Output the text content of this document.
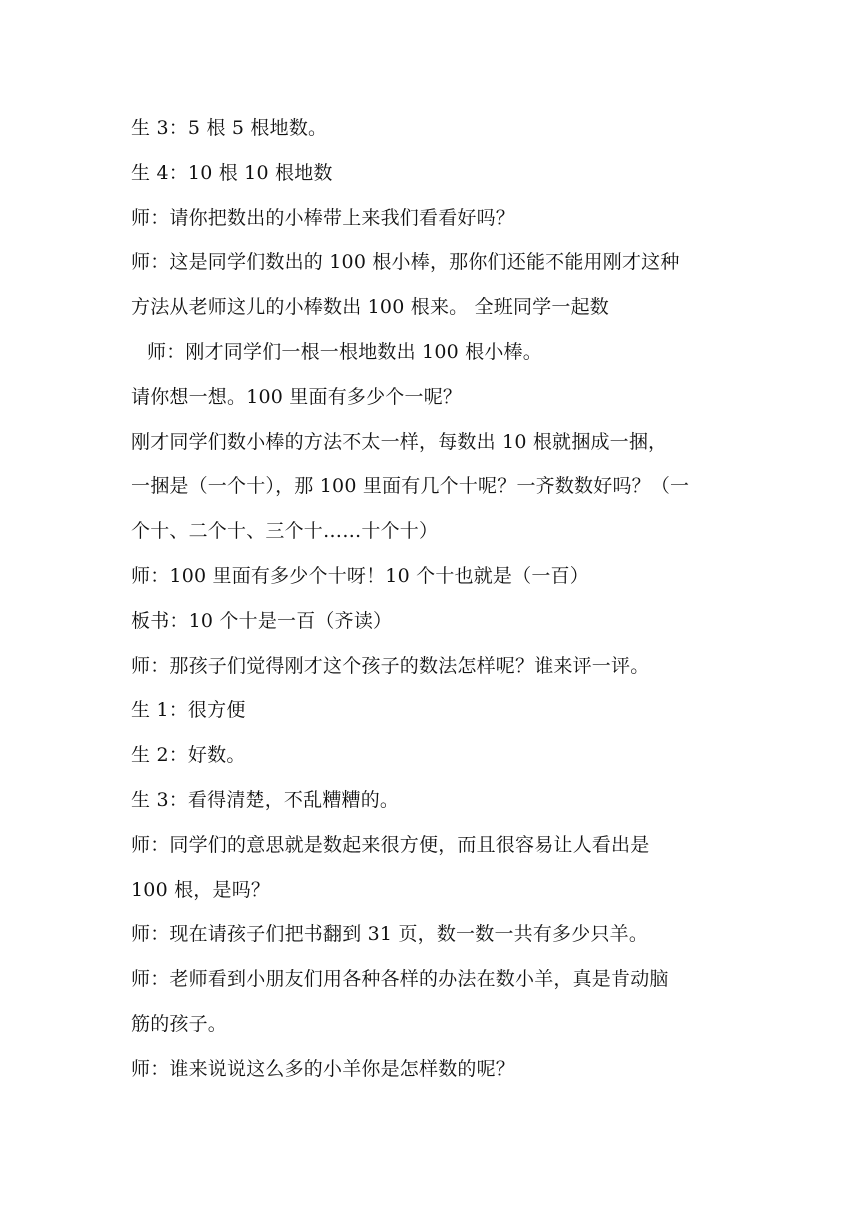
生 3：5 根 5 根地数。
生 4：10 根 10 根地数
师：请你把数出的小棒带上来我们看看好吗？
师：这是同学们数出的 100 根小棒，那你们还能不能用刚才这种
方法从老师这儿的小棒数出 100 根来。 全班同学一起数
师：刚才同学们一根一根地数出 100 根小棒。
请你想一想。100 里面有多少个一呢？
刚才同学们数小棒的方法不太一样，每数出 10 根就捆成一捆，
一捆是（一个十），那 100 里面有几个十呢？一齐数数好吗？（一
个十、二个十、三个十……十个十）
师：100 里面有多少个十呀！10 个十也就是（一百）
板书：10 个十是一百（齐读）
师：那孩子们觉得刚才这个孩子的数法怎样呢？谁来评一评。
生 1：很方便
生 2：好数。
生 3：看得清楚，不乱糟糟的。
师：同学们的意思就是数起来很方便，而且很容易让人看出是
100 根，是吗？
师：现在请孩子们把书翻到 31 页，数一数一共有多少只羊。
师：老师看到小朋友们用各种各样的办法在数小羊，真是肯动脑
筋的孩子。
师：谁来说说这么多的小羊你是怎样数的呢？
